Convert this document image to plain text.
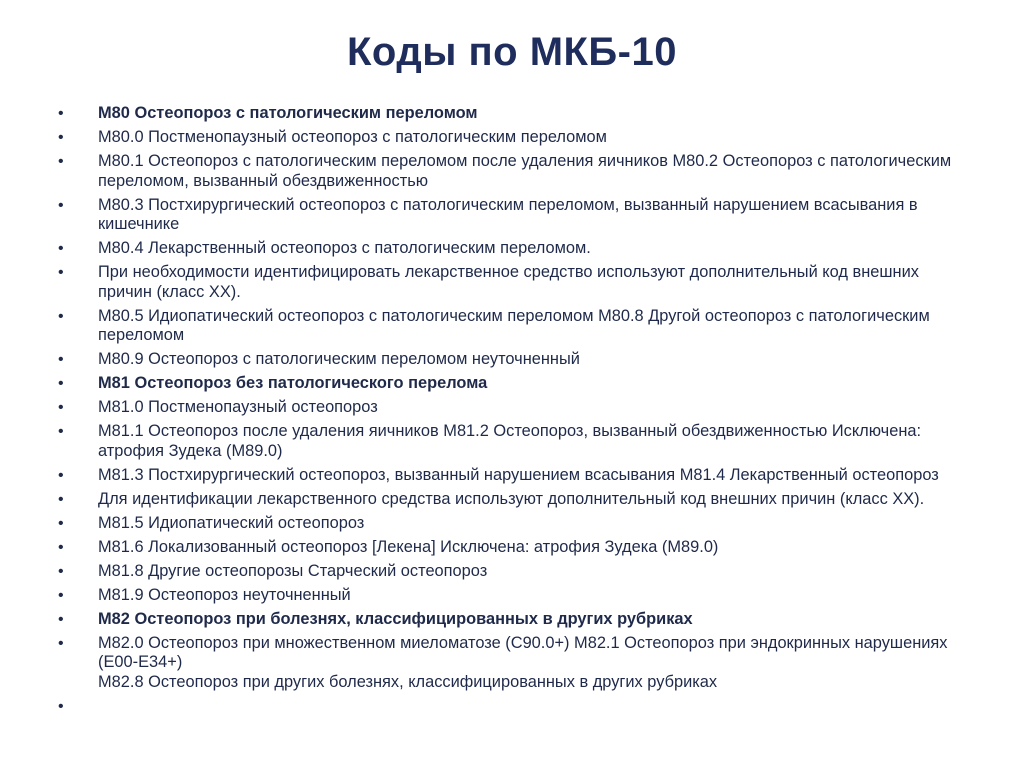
Коды по МКБ-10
• М80 Остеопороз с патологическим переломом
• М80.0 Постменопаузный остеопороз с патологическим переломом
• М80.1 Остеопороз с патологическим переломом после удаления яичников М80.2 Остеопороз с патологическим переломом, вызванный обездвиженностью
• М80.3 Постхирургический остеопороз с патологическим переломом, вызванный нарушением всасывания в кишечнике
• М80.4 Лекарственный остеопороз с патологическим переломом.
• При необходимости идентифицировать лекарственное средство используют дополнительный код внешних причин (класс XX).
• М80.5 Идиопатический остеопороз с патологическим переломом М80.8 Другой остеопороз с патологическим переломом
• М80.9 Остеопороз с патологическим переломом неуточненный
• М81 Остеопороз без патологического перелома
• М81.0 Постменопаузный остеопороз
• М81.1 Остеопороз после удаления яичников М81.2 Остеопороз, вызванный обездвиженностью Исключена: атрофия Зудека (М89.0)
• М81.3 Постхирургический остеопороз, вызванный нарушением всасывания М81.4 Лекарственный остеопороз
• Для идентификации лекарственного средства используют дополнительный код внешних причин (класс XX).
• М81.5 Идиопатический остеопороз
• М81.6 Локализованный остеопороз [Лекена] Исключена: атрофия Зудека (М89.0)
• М81.8 Другие остеопорозы Старческий остеопороз
• М81.9 Остеопороз неуточненный
• М82 Остеопороз при болезнях, классифицированных в других рубриках
• М82.0 Остеопороз при множественном миеломатозе (С90.0+) М82.1 Остеопороз при эндокринных нарушениях (Е00-Е34+)
М82.8 Остеопороз при других болезнях, классифицированных в других рубриках
•
